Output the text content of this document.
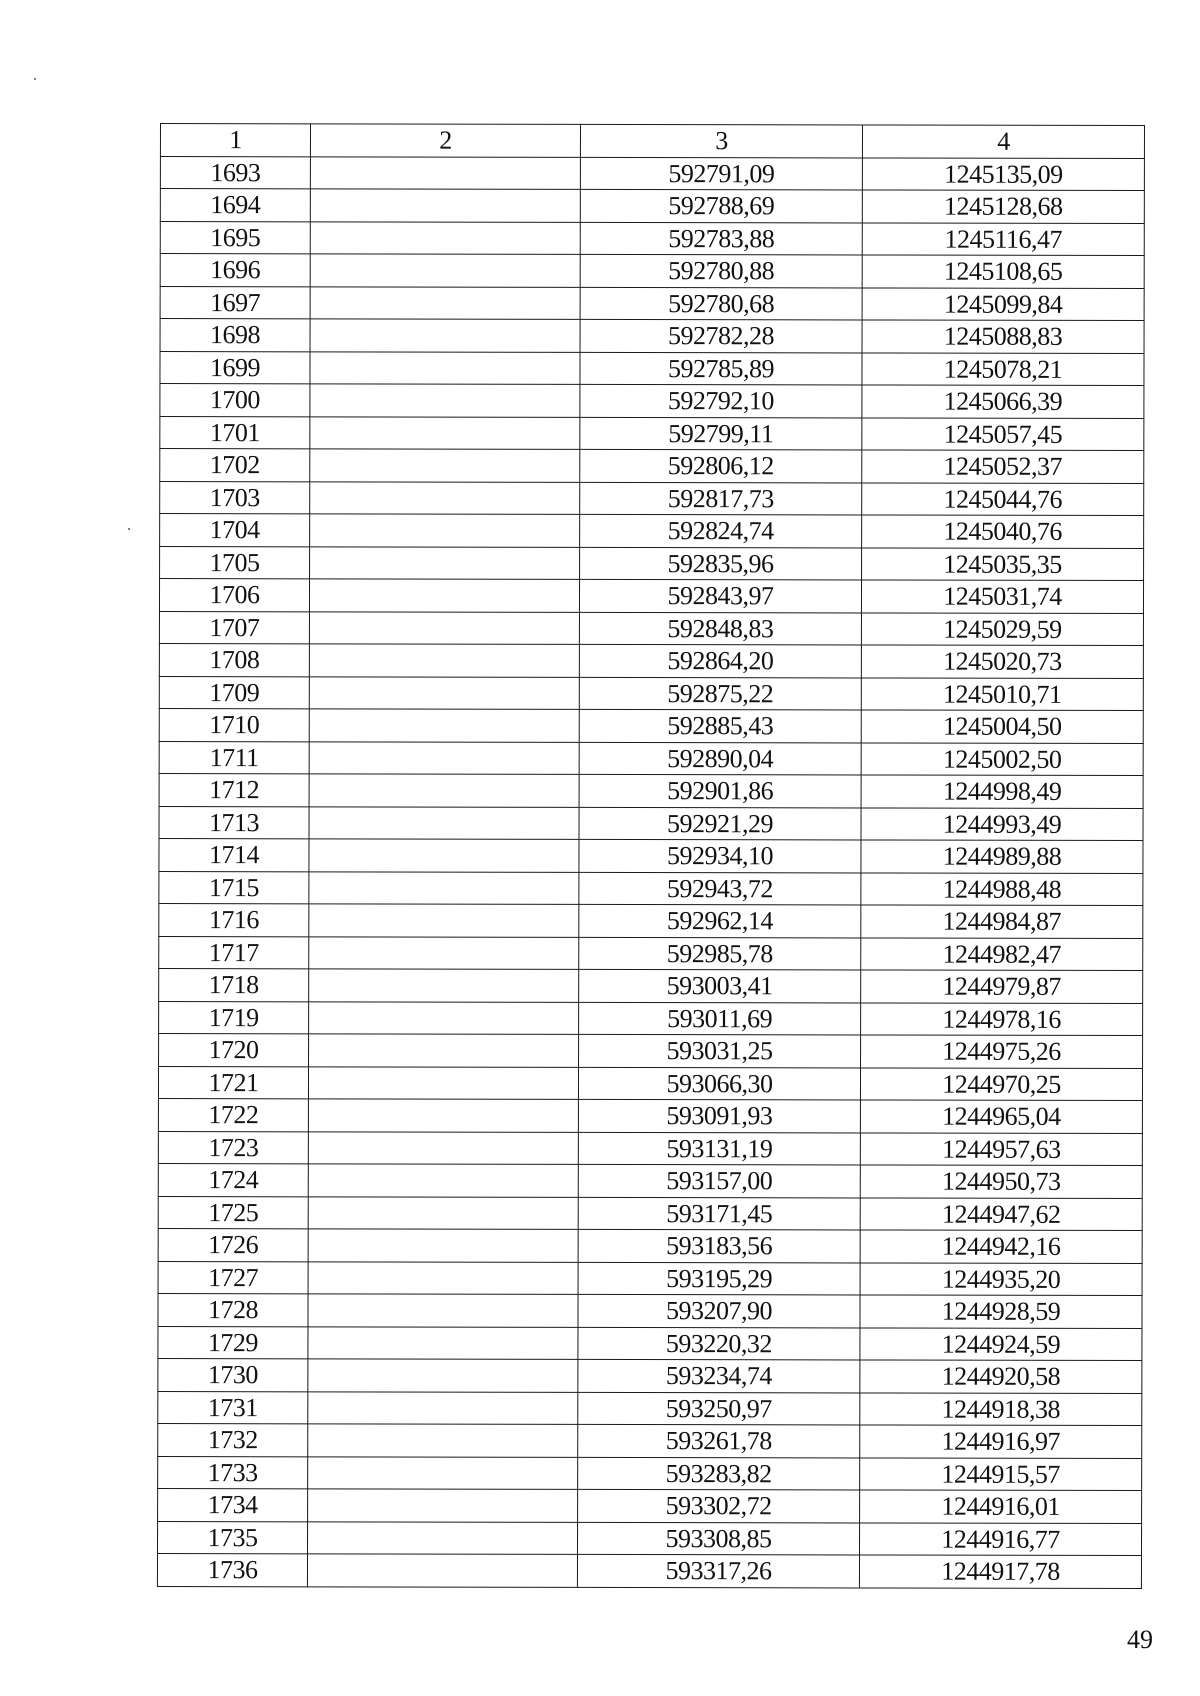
1	2	3	4
1693		592791,09	1245135,09
1694		592788,69	1245128,68
1695		592783,88	1245116,47
1696		592780,88	1245108,65
1697		592780,68	1245099,84
1698		592782,28	1245088,83
1699		592785,89	1245078,21
1700		592792,10	1245066,39
1701		592799,11	1245057,45
1702		592806,12	1245052,37
1703		592817,73	1245044,76
1704		592824,74	1245040,76
1705		592835,96	1245035,35
1706		592843,97	1245031,74
1707		592848,83	1245029,59
1708		592864,20	1245020,73
1709		592875,22	1245010,71
1710		592885,43	1245004,50
1711		592890,04	1245002,50
1712		592901,86	1244998,49
1713		592921,29	1244993,49
1714		592934,10	1244989,88
1715		592943,72	1244988,48
1716		592962,14	1244984,87
1717		592985,78	1244982,47
1718		593003,41	1244979,87
1719		593011,69	1244978,16
1720		593031,25	1244975,26
1721		593066,30	1244970,25
1722		593091,93	1244965,04
1723		593131,19	1244957,63
1724		593157,00	1244950,73
1725		593171,45	1244947,62
1726		593183,56	1244942,16
1727		593195,29	1244935,20
1728		593207,90	1244928,59
1729		593220,32	1244924,59
1730		593234,74	1244920,58
1731		593250,97	1244918,38
1732		593261,78	1244916,97
1733		593283,82	1244915,57
1734		593302,72	1244916,01
1735		593308,85	1244916,77
1736		593317,26	1244917,78
49
